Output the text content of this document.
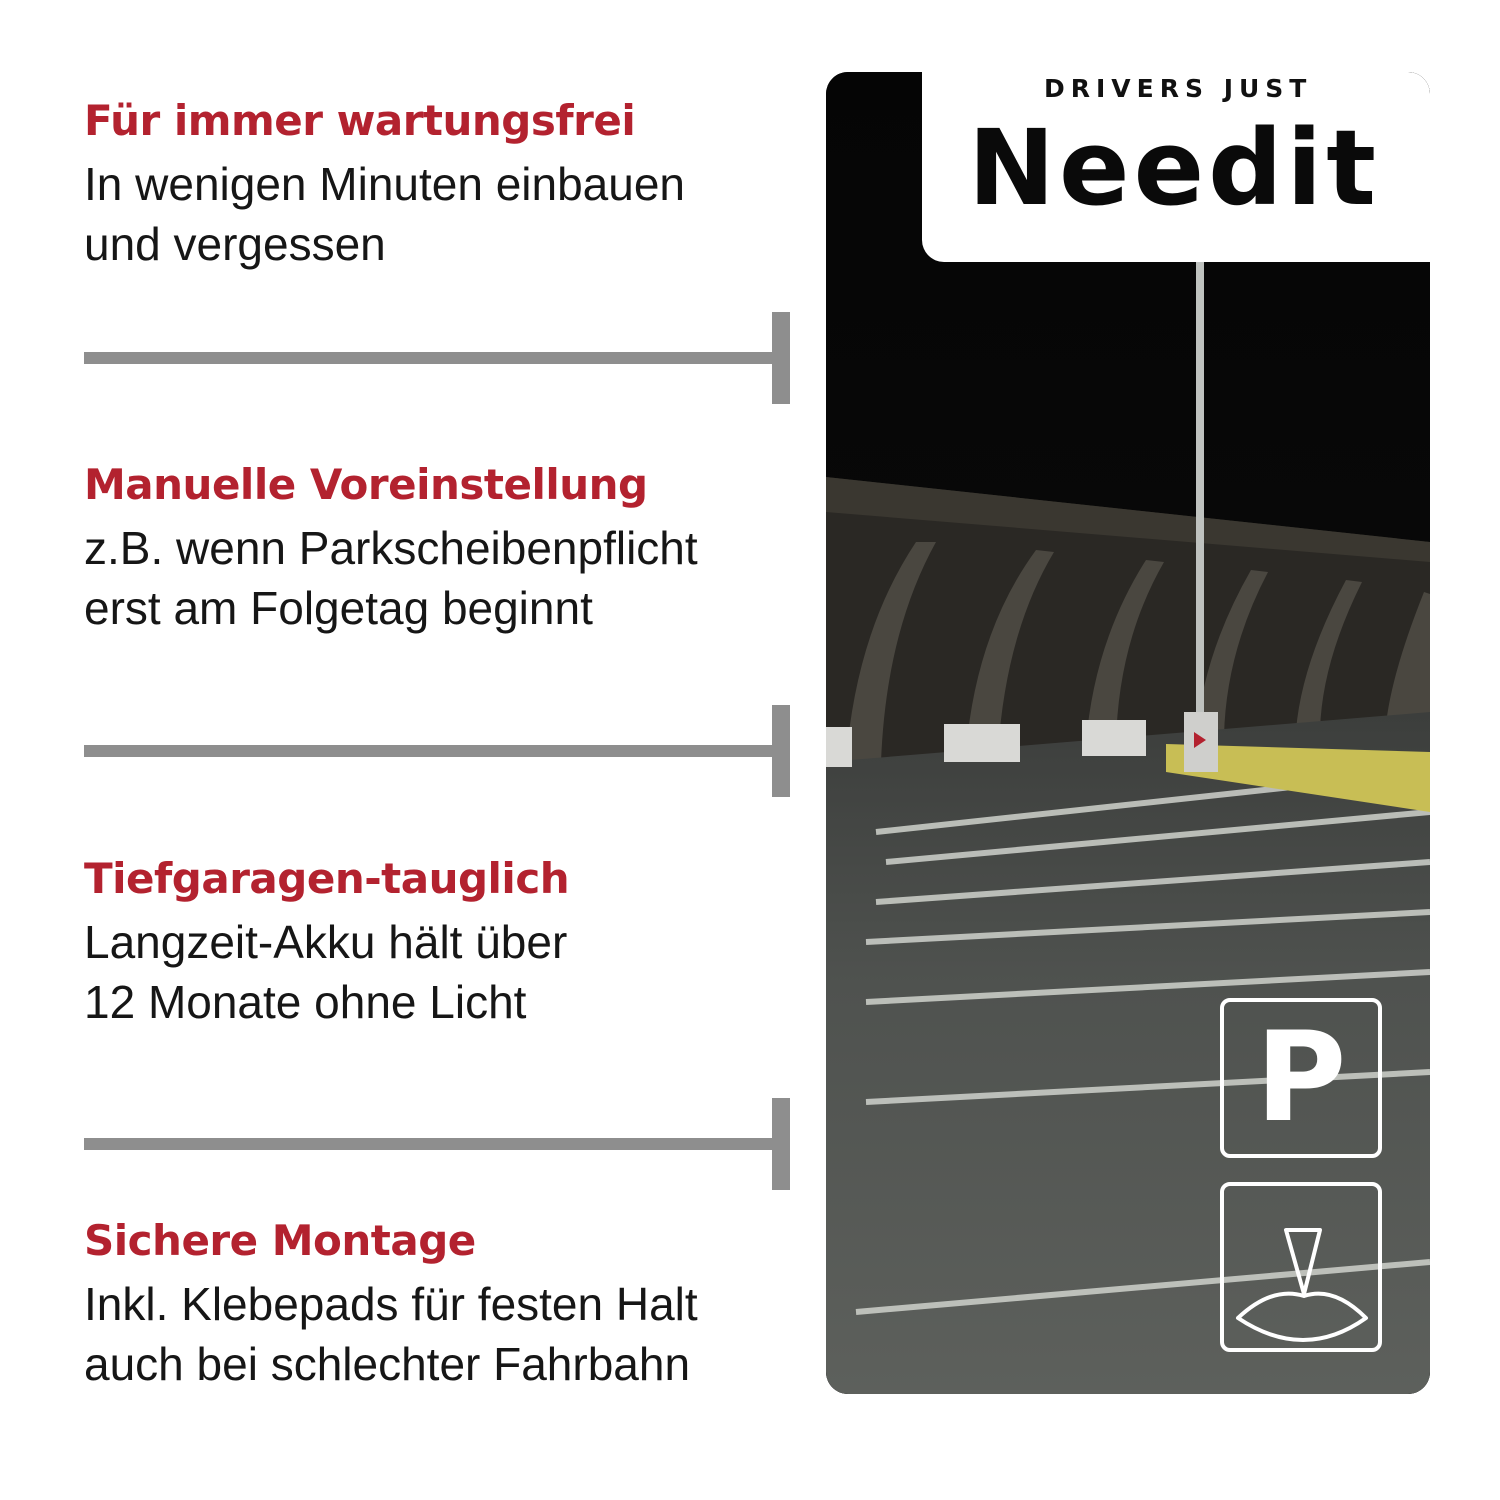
Für immer wartungsfrei

In wenigen Minuten einbauen
und vergessen

Manuelle Voreinstellung

z.B. wenn Parkscheibenpflicht
erst am Folgetag beginnt

Tiefgaragen-tauglich

Langzeit-Akku hält über
12 Monate ohne Licht

Sichere Montage

Inkl. Klebepads für festen Halt
auch bei schlechter Fahrbahn

DRIVERS JUST
Needit
P
